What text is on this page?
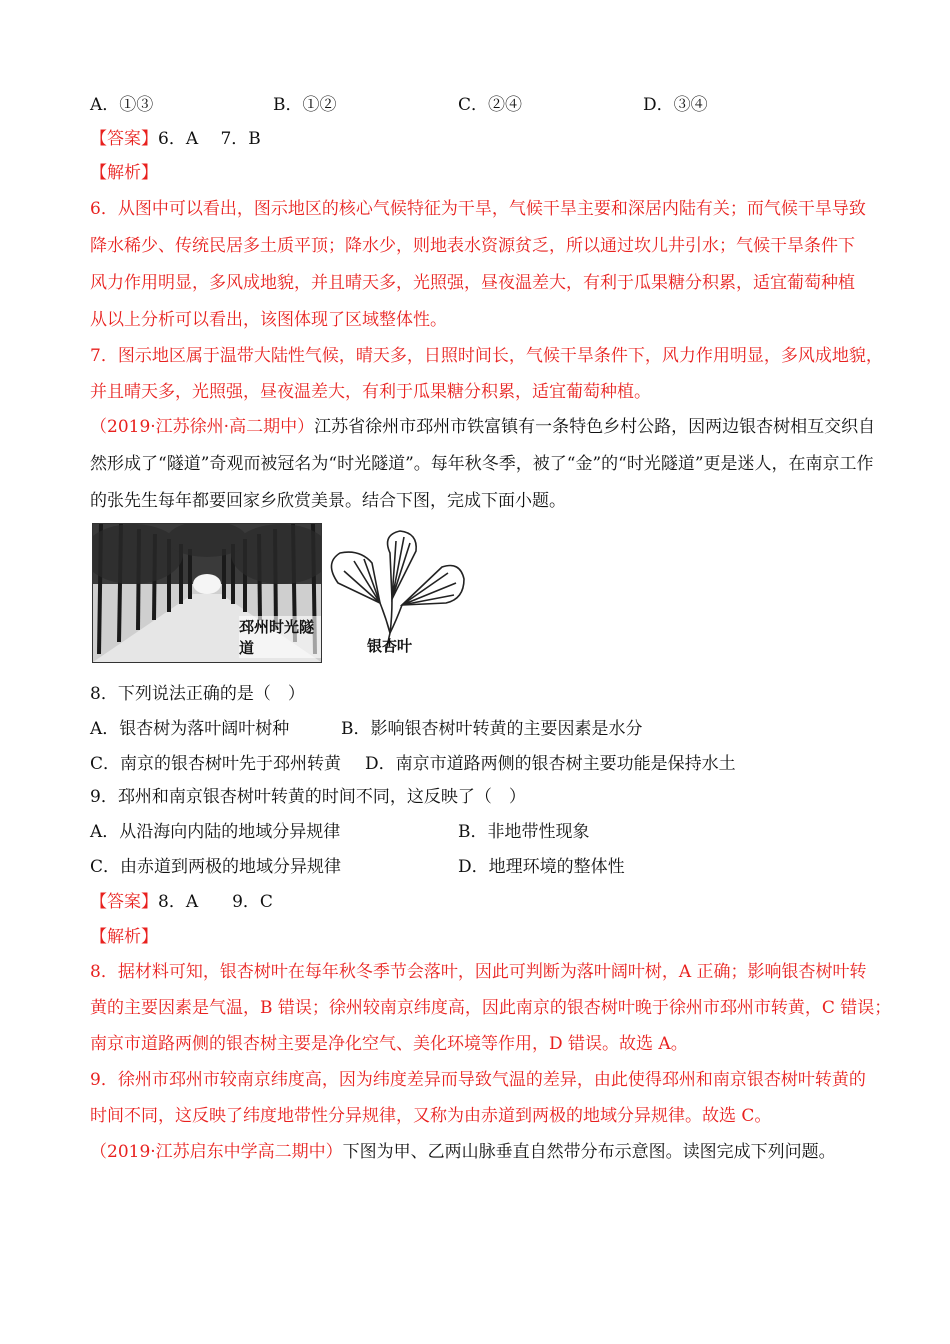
A．①③	B．①②	C．②④	D．③④
【答案】6．A　 7．B
【解析】
6．从图中可以看出，图示地区的核心气候特征为干旱，气候干旱主要和深居内陆有关；而气候干旱导致
降水稀少、传统民居多土质平顶；降水少，则地表水资源贫乏，所以通过坎儿井引水；气候干旱条件下
风力作用明显，多风成地貌，并且晴天多，光照强，昼夜温差大，有利于瓜果糖分积累，适宜葡萄种植
从以上分析可以看出，该图体现了区域整体性。
7．图示地区属于温带大陆性气候，晴天多，日照时间长，气候干旱条件下，风力作用明显，多风成地貌，
并且晴天多，光照强，昼夜温差大，有利于瓜果糖分积累，适宜葡萄种植。
（2019·江苏徐州·高二期中）江苏省徐州市邳州市铁富镇有一条特色乡村公路，因两边银杏树相互交织自
然形成了“隧道”奇观而被冠名为“时光隧道”。每年秋冬季，被了“金”的“时光隧道”更是迷人，在南京工作
的张先生每年都要回家乡欣赏美景。结合下图，完成下面小题。
邳州时光隧道	银杏叶
8．下列说法正确的是（　）
A．银杏树为落叶阔叶树种	B．影响银杏树叶转黄的主要因素是水分
C．南京的银杏树叶先于邳州转黄 D．南京市道路两侧的银杏树主要功能是保持水土
9．邳州和南京银杏树叶转黄的时间不同，这反映了（　）
A．从沿海向内陆的地域分异规律	B．非地带性现象
C．由赤道到两极的地域分异规律	D．地理环境的整体性
【答案】8．A　　9．C
【解析】
8．据材料可知，银杏树叶在每年秋冬季节会落叶，因此可判断为落叶阔叶树，A 正确；影响银杏树叶转
黄的主要因素是气温，B 错误；徐州较南京纬度高，因此南京的银杏树叶晚于徐州市邳州市转黄，C 错误；
南京市道路两侧的银杏树主要是净化空气、美化环境等作用，D 错误。故选 A。
9．徐州市邳州市较南京纬度高，因为纬度差异而导致气温的差异，由此使得邳州和南京银杏树叶转黄的
时间不同，这反映了纬度地带性分异规律，又称为由赤道到两极的地域分异规律。故选 C。
（2019·江苏启东中学高二期中）下图为甲、乙两山脉垂直自然带分布示意图。读图完成下列问题。
